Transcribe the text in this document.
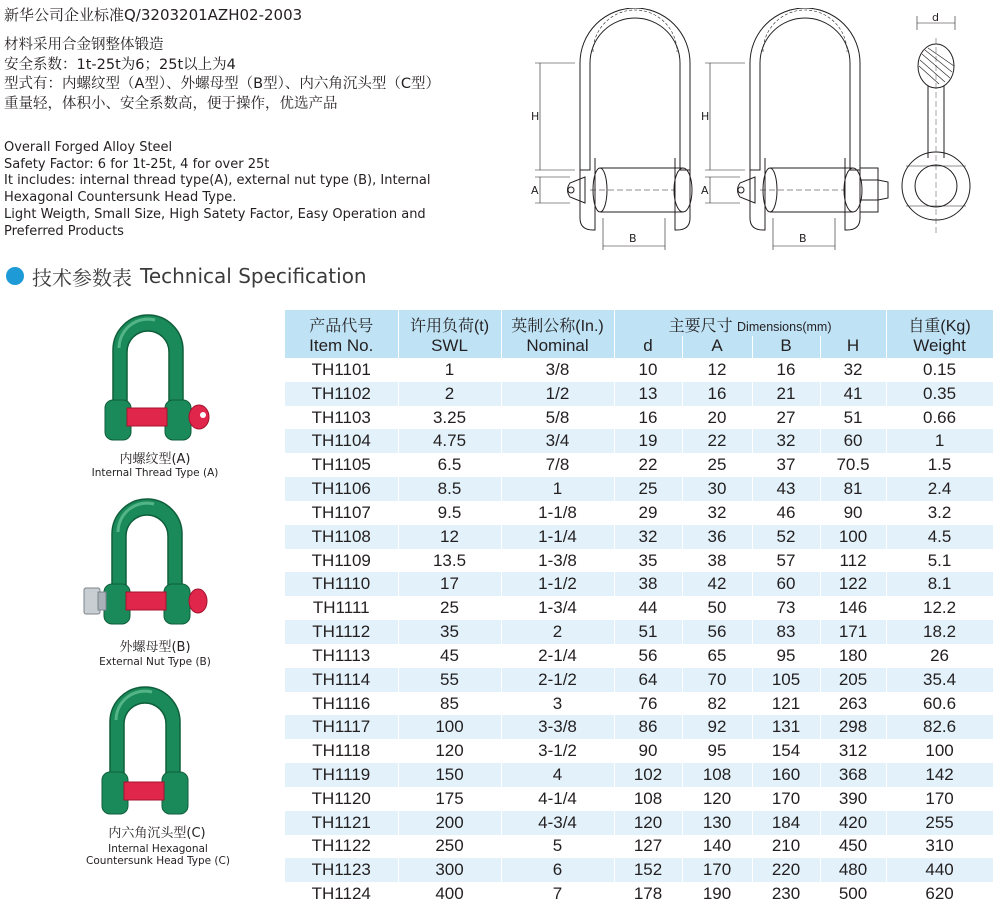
新华公司企业标准Q/3203201AZH02-2003
材料采用合金钢整体锻造
安全系数：1t-25t为6；25t以上为4
型式有：内螺纹型（A型）、外螺母型（B型）、内六角沉头型（C型）
重量轻，体积小、安全系数高，便于操作，优选产品
Overall Forged Alloy Steel
Safety Factor: 6 for 1t-25t, 4 for over 25t
It includes: internal thread type(A), external nut type (B), Internal
Hexagonal Countersunk Head Type.
Light Weigth, Small Size, High Satety Factor, Easy Operation and
Preferred Products
H
A
B
H
A
B
d
技术参数表 Technical Specification
内螺纹型(A)
Internal Thread Type (A)
外螺母型(B)
External Nut Type (B)
内六角沉头型(C)
Internal Hexagonal Countersunk Head Type (C)
产品代号	许用负荷(t)	英制公称(In.)	主要尺寸 Dimensions(mm)				自重(Kg)
Item No.	SWL	Nominal	d	A	B	H	Weight
TH1101	1	3/8	10	12	16	32	0.15
TH1102	2	1/2	13	16	21	41	0.35
TH1103	3.25	5/8	16	20	27	51	0.66
TH1104	4.75	3/4	19	22	32	60	1
TH1105	6.5	7/8	22	25	37	70.5	1.5
TH1106	8.5	1	25	30	43	81	2.4
TH1107	9.5	1-1/8	29	32	46	90	3.2
TH1108	12	1-1/4	32	36	52	100	4.5
TH1109	13.5	1-3/8	35	38	57	112	5.1
TH1110	17	1-1/2	38	42	60	122	8.1
TH1111	25	1-3/4	44	50	73	146	12.2
TH1112	35	2	51	56	83	171	18.2
TH1113	45	2-1/4	56	65	95	180	26
TH1114	55	2-1/2	64	70	105	205	35.4
TH1116	85	3	76	82	121	263	60.6
TH1117	100	3-3/8	86	92	131	298	82.6
TH1118	120	3-1/2	90	95	154	312	100
TH1119	150	4	102	108	160	368	142
TH1120	175	4-1/4	108	120	170	390	170
TH1121	200	4-3/4	120	130	184	420	255
TH1122	250	5	127	140	210	450	310
TH1123	300	6	152	170	220	480	440
TH1124	400	7	178	190	230	500	620
